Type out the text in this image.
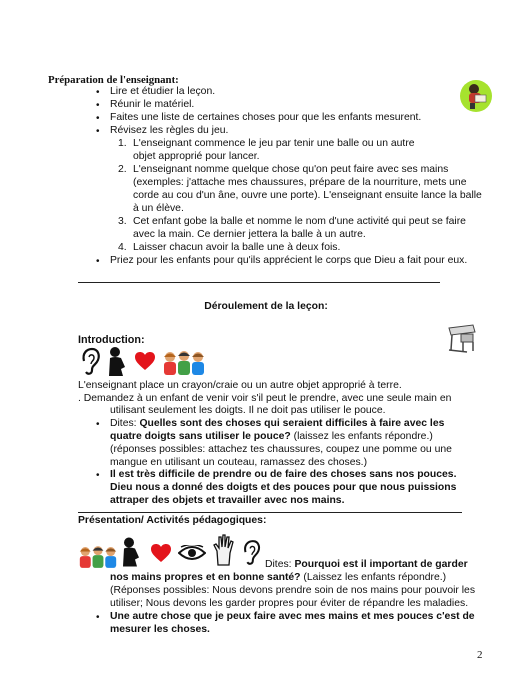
Préparation de l'enseignant:
• Lire et étudier la leçon.
• Réunir le matériel.
• Faites une liste de certaines choses pour que les enfants mesurent.
• Révisez les règles du jeu.
1. L'enseignant commence le jeu par tenir une balle ou un autre
objet approprié pour lancer.
2. L'enseignant nomme quelque chose qu'on peut faire avec ses mains
(exemples: j'attache mes chaussures, prépare de la nourriture, mets une
corde au cou d'un âne, ouvre une porte). L'enseignant ensuite lance la balle
à un élève.
3. Cet enfant gobe la balle et nomme le nom d'une activité qui peut se faire
avec la main. Ce dernier jettera la balle à un autre.
4. Laisser chacun avoir la balle une à deux fois.
• Priez pour les enfants pour qu'ils apprécient le corps que Dieu a fait pour eux.
Déroulement de la leçon:
Introduction:
L'enseignant place un crayon/craie ou un autre objet approprié à terre.
. Demandez à un enfant de venir voir s'il peut le prendre, avec une seule main en
utilisant seulement les doigts. Il ne doit pas utiliser le pouce.
• Dites: Quelles sont des choses qui seraient difficiles à faire avec les
quatre doigts sans utiliser le pouce? (laissez les enfants répondre.)
(réponses possibles: attachez tes chaussures, coupez une pomme ou une
mangue en utilisant un couteau, ramassez des choses.)
• Il est très difficile de prendre ou de faire des choses sans nos pouces.
Dieu nous a donné des doigts et des pouces pour que nous puissions
attraper des objets et travailler avec nos mains.
Présentation/ Activités pédagogiques:
Dites: Pourquoi est il important de garder
nos mains propres et en bonne santé? (Laissez les enfants répondre.)
(Réponses possibles: Nous devons prendre soin de nos mains pour pouvoir les
utiliser; Nous devons les garder propres pour éviter de répandre les maladies.
• Une autre chose que je peux faire avec mes mains et mes pouces c'est de
mesurer les choses.
2
